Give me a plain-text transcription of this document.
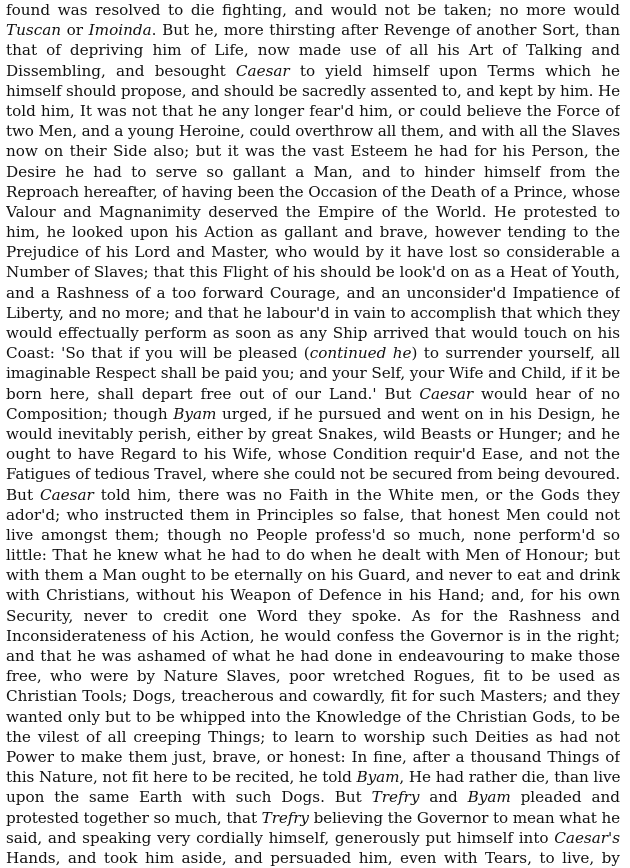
found was resolved to die fighting, and would not be taken; no more would
Tuscan or Imoinda. But he, more thirsting after Revenge of another Sort, than
that of depriving him of Life, now made use of all his Art of Talking and
Dissembling, and besought Caesar to yield himself upon Terms which he
himself should propose, and should be sacredly assented to, and kept by him. He
told him, It was not that he any longer fear'd him, or could believe the Force of
two Men, and a young Heroine, could overthrow all them, and with all the Slaves
now on their Side also; but it was the vast Esteem he had for his Person, the
Desire he had to serve so gallant a Man, and to hinder himself from the
Reproach hereafter, of having been the Occasion of the Death of a Prince, whose
Valour and Magnanimity deserved the Empire of the World. He protested to
him, he looked upon his Action as gallant and brave, however tending to the
Prejudice of his Lord and Master, who would by it have lost so considerable a
Number of Slaves; that this Flight of his should be look'd on as a Heat of Youth,
and a Rashness of a too forward Courage, and an unconsider'd Impatience of
Liberty, and no more; and that he labour'd in vain to accomplish that which they
would effectually perform as soon as any Ship arrived that would touch on his
Coast: 'So that if you will be pleased (continued he) to surrender yourself, all
imaginable Respect shall be paid you; and your Self, your Wife and Child, if it be
born here, shall depart free out of our Land.' But Caesar would hear of no
Composition; though Byam urged, if he pursued and went on in his Design, he
would inevitably perish, either by great Snakes, wild Beasts or Hunger; and he
ought to have Regard to his Wife, whose Condition requir'd Ease, and not the
Fatigues of tedious Travel, where she could not be secured from being devoured.
But Caesar told him, there was no Faith in the White men, or the Gods they
ador'd; who instructed them in Principles so false, that honest Men could not
live amongst them; though no People profess'd so much, none perform'd so
little: That he knew what he had to do when he dealt with Men of Honour; but
with them a Man ought to be eternally on his Guard, and never to eat and drink
with Christians, without his Weapon of Defence in his Hand; and, for his own
Security, never to credit one Word they spoke. As for the Rashness and
Inconsiderateness of his Action, he would confess the Governor is in the right;
and that he was ashamed of what he had done in endeavouring to make those
free, who were by Nature Slaves, poor wretched Rogues, fit to be used as
Christian Tools; Dogs, treacherous and cowardly, fit for such Masters; and they
wanted only but to be whipped into the Knowledge of the Christian Gods, to be
the vilest of all creeping Things; to learn to worship such Deities as had not
Power to make them just, brave, or honest: In fine, after a thousand Things of
this Nature, not fit here to be recited, he told Byam, He had rather die, than live
upon the same Earth with such Dogs. But Trefry and Byam pleaded and
protested together so much, that Trefry believing the Governor to mean what he
said, and speaking very cordially himself, generously put himself into Caesar's
Hands, and took him aside, and persuaded him, even with Tears, to live, by
